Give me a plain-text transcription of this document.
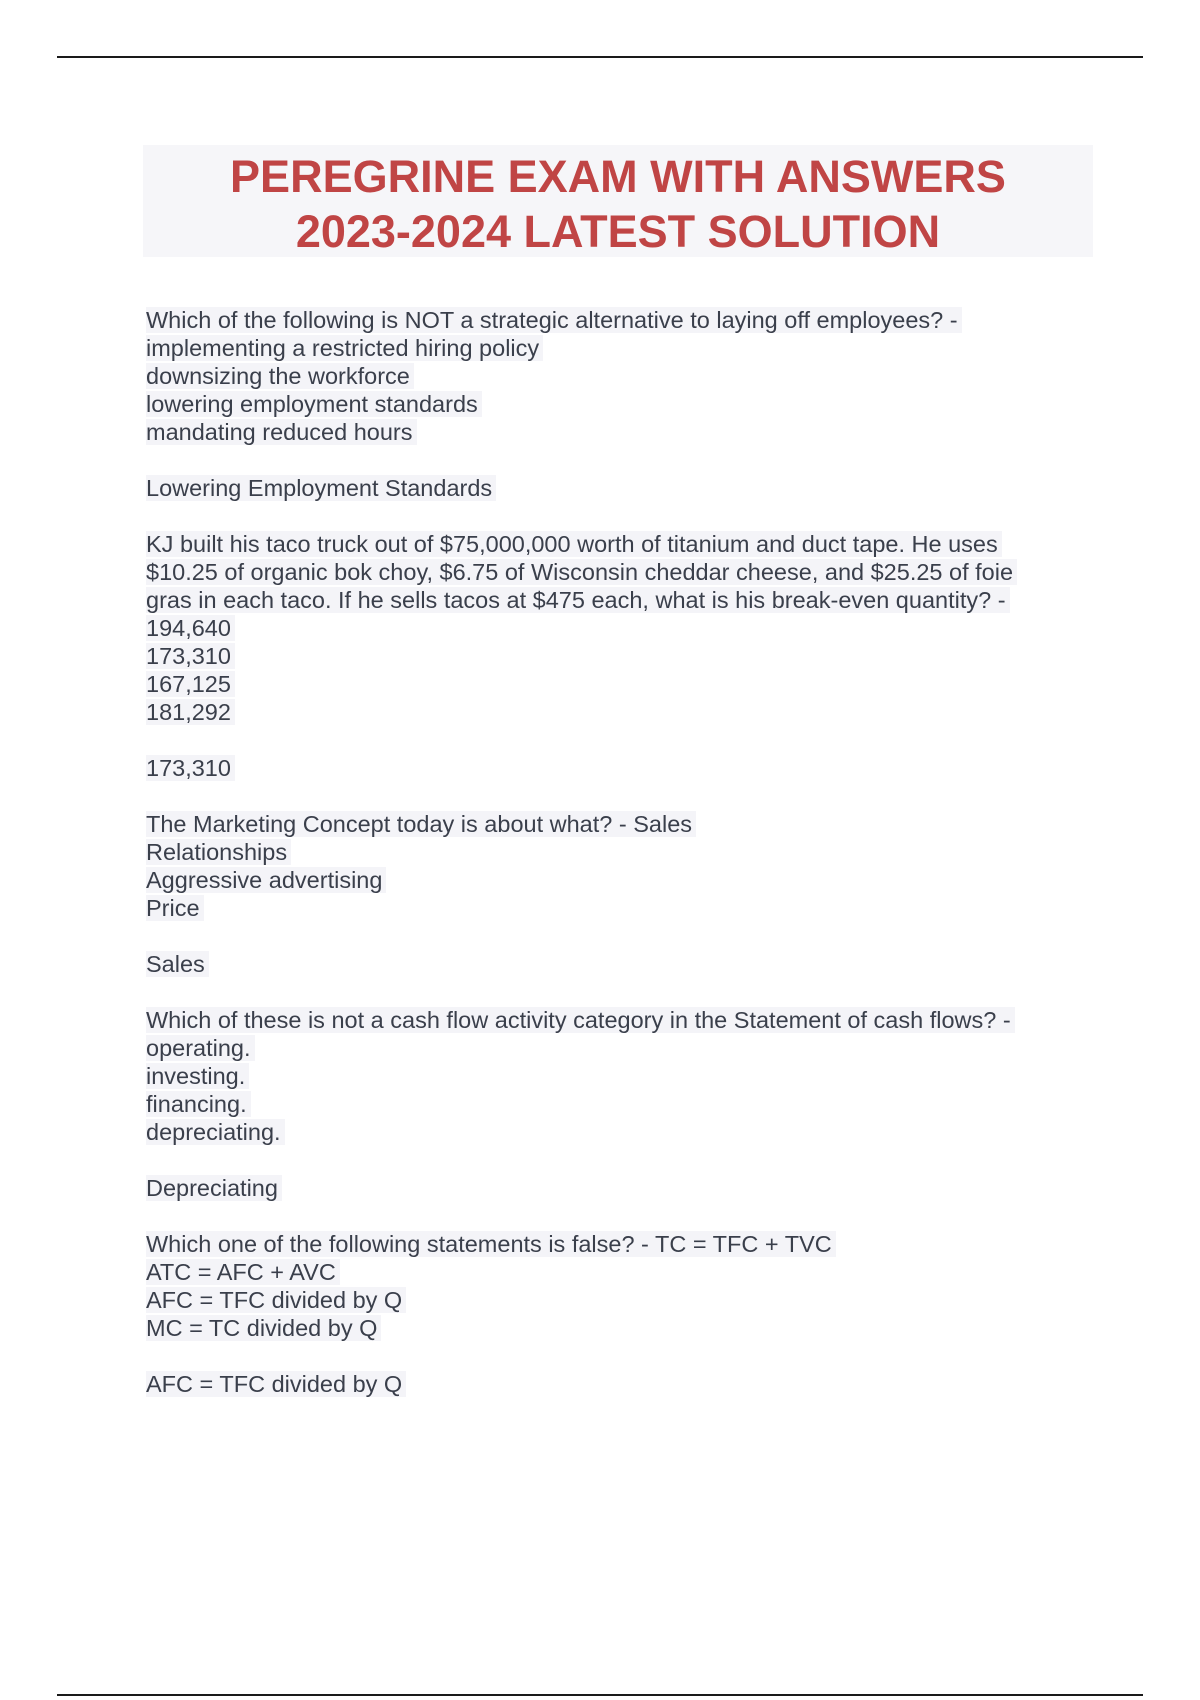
PEREGRINE EXAM WITH ANSWERS
2023-2024 LATEST SOLUTION
Which of the following is NOT a strategic alternative to laying off employees? -
implementing a restricted hiring policy
downsizing the workforce
lowering employment standards
mandating reduced hours
Lowering Employment Standards
KJ built his taco truck out of $75,000,000 worth of titanium and duct tape. He uses
$10.25 of organic bok choy, $6.75 of Wisconsin cheddar cheese, and $25.25 of foie
gras in each taco. If he sells tacos at $475 each, what is his break-even quantity? -
194,640
173,310
167,125
181,292
173,310
The Marketing Concept today is about what? - Sales
Relationships
Aggressive advertising
Price
Sales
Which of these is not a cash flow activity category in the Statement of cash flows? -
operating.
investing.
financing.
depreciating.
Depreciating
Which one of the following statements is false? - TC = TFC + TVC
ATC = AFC + AVC
AFC = TFC divided by Q
MC = TC divided by Q
AFC = TFC divided by Q
